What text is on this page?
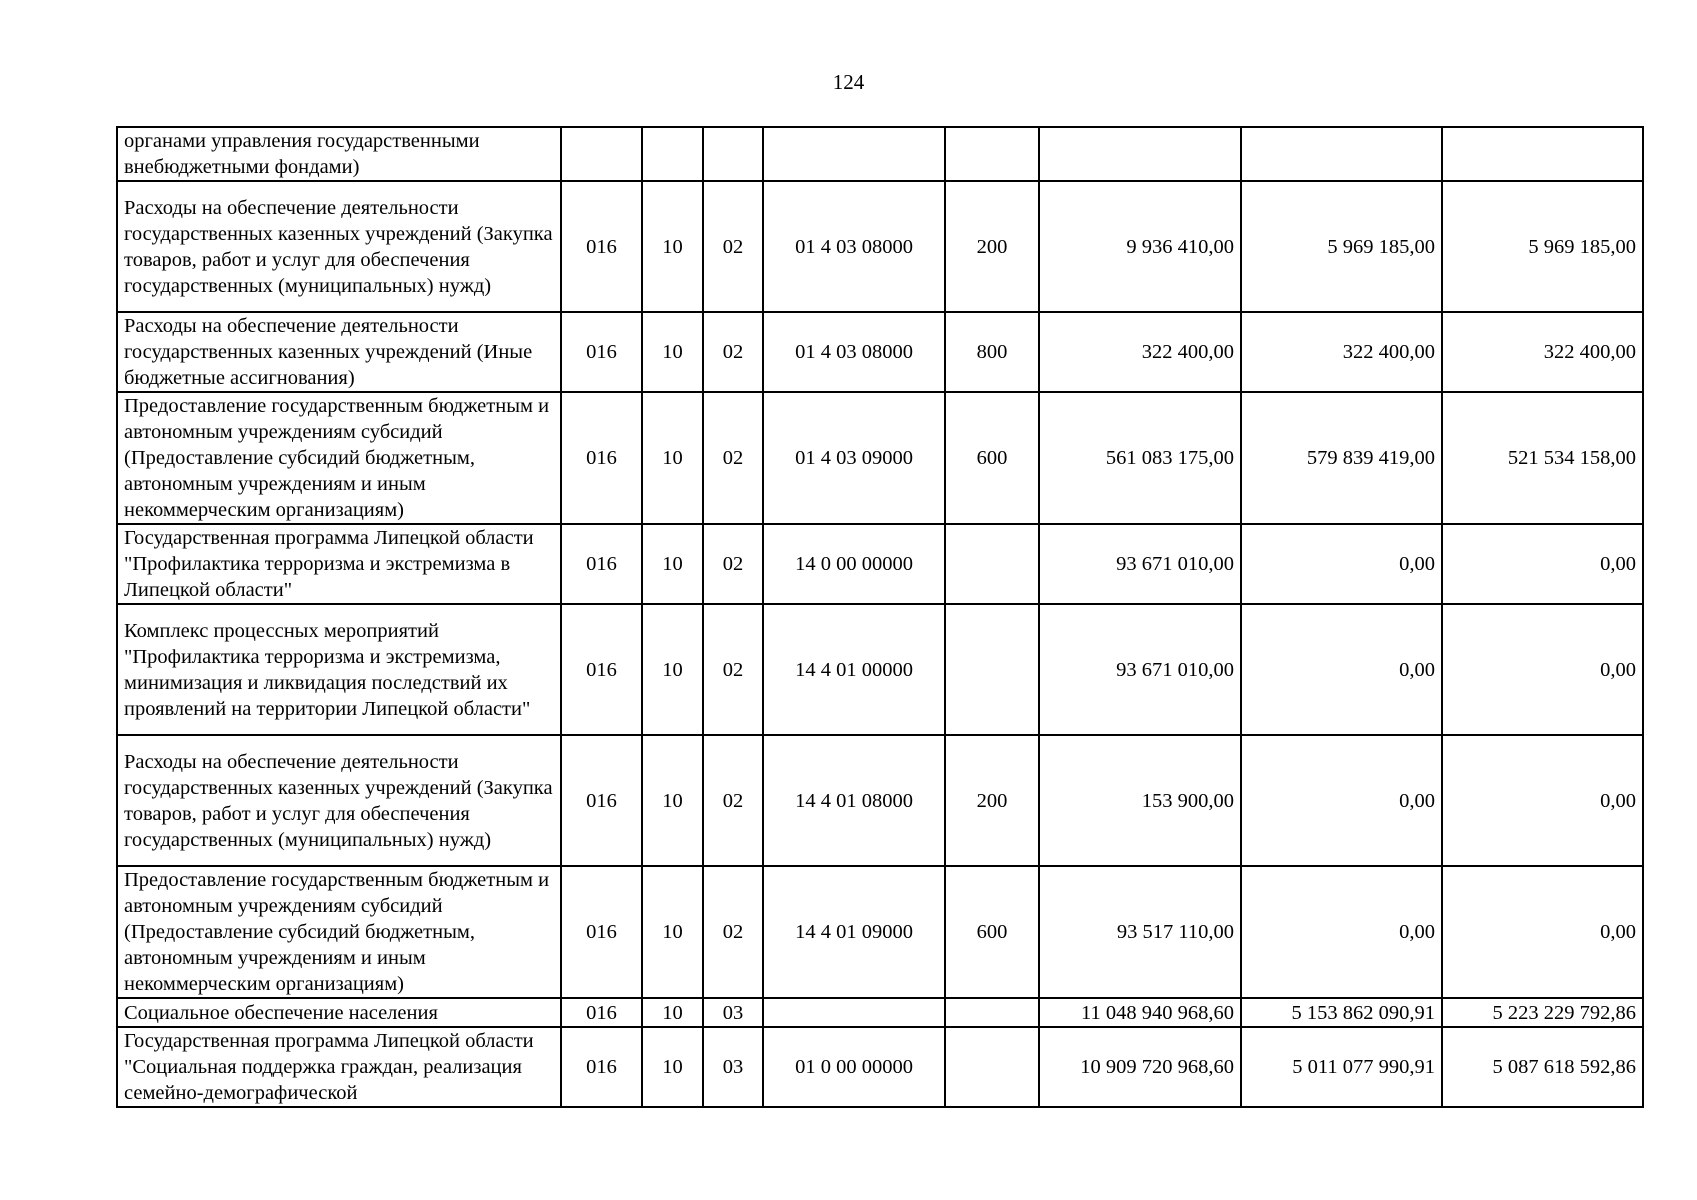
124
органами управления государственными внебюджетными фондами)								
Расходы на обеспечение деятельности государственных казенных учреждений (Закупка товаров, работ и услуг для обеспечения государственных (муниципальных) нужд)	016	10	02	01 4 03 08000	200	9 936 410,00	5 969 185,00	5 969 185,00
Расходы на обеспечение деятельности государственных казенных учреждений (Иные бюджетные ассигнования)	016	10	02	01 4 03 08000	800	322 400,00	322 400,00	322 400,00
Предоставление государственным бюджетным и автономным учреждениям субсидий (Предоставление субсидий бюджетным, автономным учреждениям и иным некоммерческим организациям)	016	10	02	01 4 03 09000	600	561 083 175,00	579 839 419,00	521 534 158,00
Государственная программа Липецкой области "Профилактика терроризма и экстремизма в Липецкой области"	016	10	02	14 0 00 00000		93 671 010,00	0,00	0,00
Комплекс процессных мероприятий "Профилактика терроризма и экстремизма, минимизация и ликвидация последствий их проявлений на территории Липецкой области"	016	10	02	14 4 01 00000		93 671 010,00	0,00	0,00
Расходы на обеспечение деятельности государственных казенных учреждений (Закупка товаров, работ и услуг для обеспечения государственных (муниципальных) нужд)	016	10	02	14 4 01 08000	200	153 900,00	0,00	0,00
Предоставление государственным бюджетным и автономным учреждениям субсидий (Предоставление субсидий бюджетным, автономным учреждениям и иным некоммерческим организациям)	016	10	02	14 4 01 09000	600	93 517 110,00	0,00	0,00
Социальное обеспечение населения	016	10	03			11 048 940 968,60	5 153 862 090,91	5 223 229 792,86
Государственная программа Липецкой области "Социальная поддержка граждан, реализация семейно-демографической	016	10	03	01 0 00 00000		10 909 720 968,60	5 011 077 990,91	5 087 618 592,86
